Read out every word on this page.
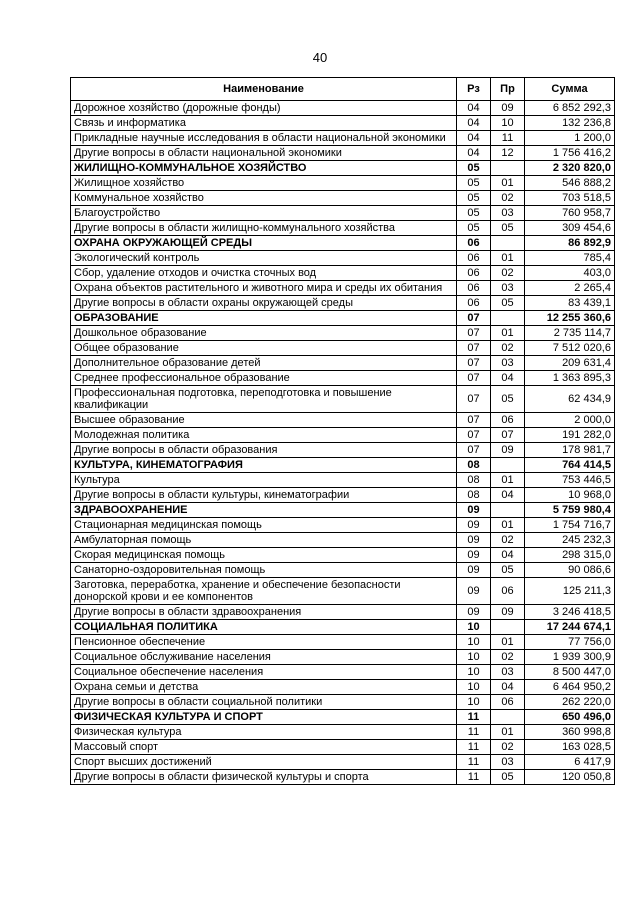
40
Наименование	Рз	Пр	Сумма
Дорожное хозяйство (дорожные фонды)	04	09	6 852 292,3
Связь и информатика	04	10	132 236,8
Прикладные научные исследования в области национальной экономики	04	11	1 200,0
Другие вопросы в области национальной экономики	04	12	1 756 416,2
ЖИЛИЩНО-КОММУНАЛЬНОЕ ХОЗЯЙСТВО	05		2 320 820,0
Жилищное хозяйство	05	01	546 888,2
Коммунальное хозяйство	05	02	703 518,5
Благоустройство	05	03	760 958,7
Другие вопросы в области жилищно-коммунального хозяйства	05	05	309 454,6
ОХРАНА ОКРУЖАЮЩЕЙ СРЕДЫ	06		86 892,9
Экологический контроль	06	01	785,4
Сбор, удаление отходов и очистка сточных вод	06	02	403,0
Охрана объектов растительного и животного мира и среды их обитания	06	03	2 265,4
Другие вопросы в области охраны окружающей среды	06	05	83 439,1
ОБРАЗОВАНИЕ	07		12 255 360,6
Дошкольное образование	07	01	2 735 114,7
Общее образование	07	02	7 512 020,6
Дополнительное образование детей	07	03	209 631,4
Среднее профессиональное образование	07	04	1 363 895,3
Профессиональная подготовка, переподготовка и повышение квалификации	07	05	62 434,9
Высшее образование	07	06	2 000,0
Молодежная политика	07	07	191 282,0
Другие вопросы в области образования	07	09	178 981,7
КУЛЬТУРА, КИНЕМАТОГРАФИЯ	08		764 414,5
Культура	08	01	753 446,5
Другие вопросы в области культуры, кинематографии	08	04	10 968,0
ЗДРАВООХРАНЕНИЕ	09		5 759 980,4
Стационарная медицинская помощь	09	01	1 754 716,7
Амбулаторная помощь	09	02	245 232,3
Скорая медицинская помощь	09	04	298 315,0
Санаторно-оздоровительная помощь	09	05	90 086,6
Заготовка, переработка, хранение и обеспечение безопасности донорской крови и ее компонентов	09	06	125 211,3
Другие вопросы в области здравоохранения	09	09	3 246 418,5
СОЦИАЛЬНАЯ ПОЛИТИКА	10		17 244 674,1
Пенсионное обеспечение	10	01	77 756,0
Социальное обслуживание населения	10	02	1 939 300,9
Социальное обеспечение населения	10	03	8 500 447,0
Охрана семьи и детства	10	04	6 464 950,2
Другие вопросы в области социальной политики	10	06	262 220,0
ФИЗИЧЕСКАЯ КУЛЬТУРА И СПОРТ	11		650 496,0
Физическая культура	11	01	360 998,8
Массовый спорт	11	02	163 028,5
Спорт высших достижений	11	03	6 417,9
Другие вопросы в области физической культуры и спорта	11	05	120 050,8
